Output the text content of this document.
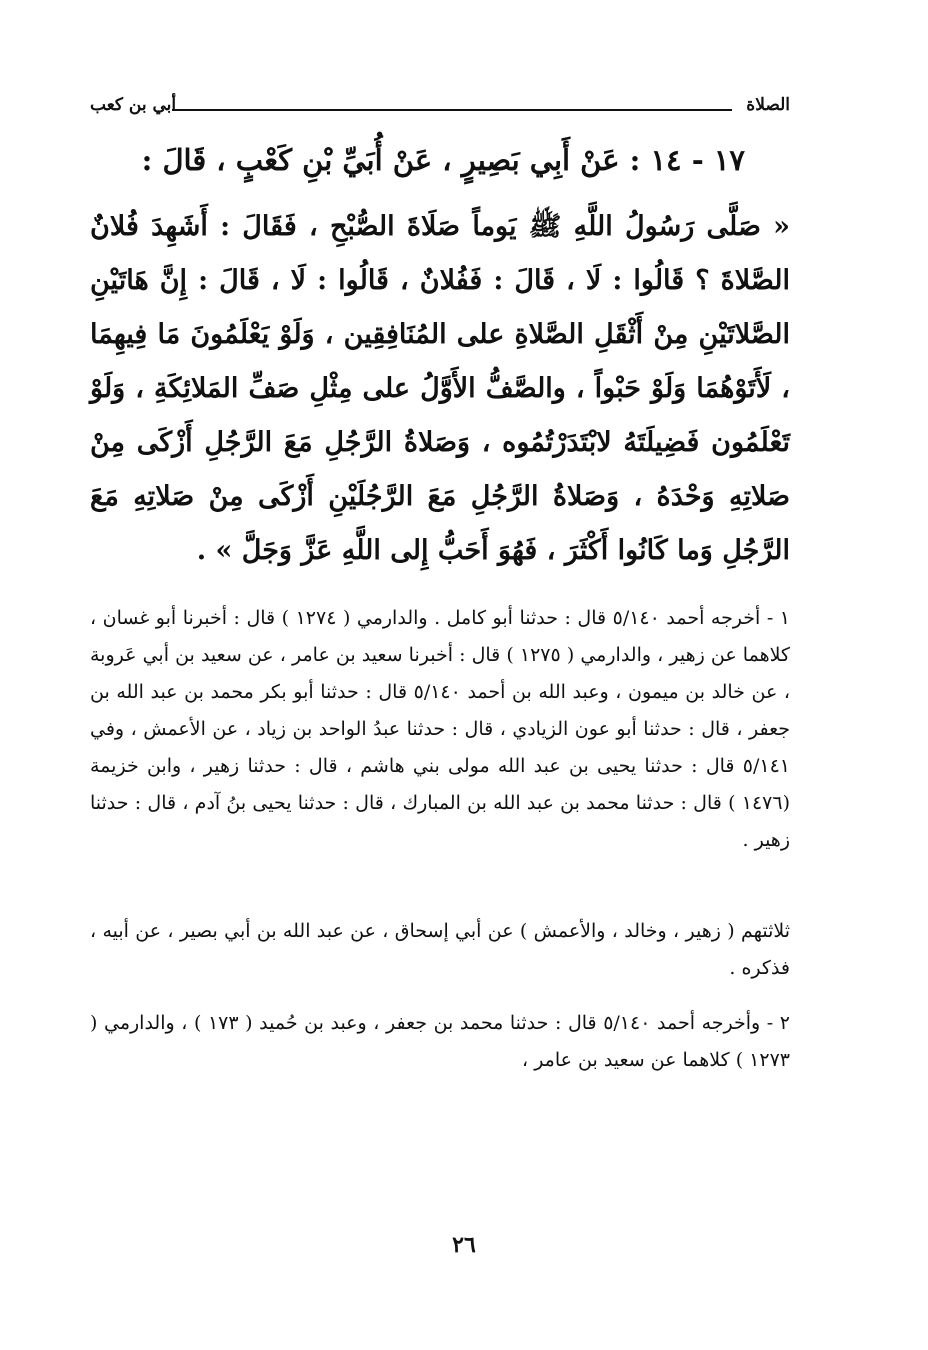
الصلاة
أبي بن كعب
١٧ - ١٤ : عَنْ أَبِي بَصِيرٍ ، عَنْ أُبَيِّ بْنِ كَعْبٍ ، قَالَ :
« صَلَّى رَسُولُ اللَّهِ ﷺ يَوماً صَلَاةَ الصُّبْحِ ، فَقَالَ : أَشَهِدَ فُلانٌ الصَّلاةَ ؟ قَالُوا : لَا ، قَالَ : فَفُلانٌ ، قَالُوا : لَا ، قَالَ : إِنَّ هَاتَيْنِ الصَّلاتَيْنِ مِنْ أَثْقَلِ الصَّلاةِ على المُنَافِقِين ، وَلَوْ يَعْلَمُونَ مَا فِيهِمَا ، لَأَتَوْهُمَا وَلَوْ حَبْواً ، والصَّفُّ الأَوَّلُ على مِثْلِ صَفِّ المَلائِكَةِ ، وَلَوْ تَعْلَمُون فَضِيلَتَهُ لابْتَدَرْتُمُوه ، وَصَلاةُ الرَّجُلِ مَعَ الرَّجُلِ أَزْكَى مِنْ صَلاتِهِ وَحْدَهُ ، وَصَلاةُ الرَّجُلِ مَعَ الرَّجُلَيْنِ أَزْكَى مِنْ صَلاتِهِ مَعَ الرَّجُلِ وَما كَانُوا أَكْثَرَ ، فَهُوَ أَحَبُّ إِلى اللَّهِ عَزَّ وَجَلَّ » .

١ - أخرجه أحمد ٥/١٤٠ قال : حدثنا أبو كامل . والدارمي ( ١٢٧٤ ) قال : أخبرنا أبو غسان ، كلاهما عن زهير ، والدارمي ( ١٢٧٥ ) قال : أخبرنا سعيد بن عامر ، عن سعيد بن أبي عَروبة ، عن خالد بن ميمون ، وعبد الله بن أحمد ٥/١٤٠ قال : حدثنا أبو بكر محمد بن عبد الله بن جعفر ، قال : حدثنا أبو عون الزيادي ، قال : حدثنا عبدُ الواحد بن زياد ، عن الأعمش ، وفي ٥/١٤١ قال : حدثنا يحيى بن عبد الله مولى بني هاشم ، قال : حدثنا زهير ، وابن خزيمة (١٤٧٦ ) قال : حدثنا محمد بن عبد الله بن المبارك ، قال : حدثنا يحيى بنُ آدم ، قال : حدثنا زهير .

ثلاثتهم ( زهير ، وخالد ، والأعمش ) عن أبي إسحاق ، عن عبد الله بن أبي بصير ، عن أبيه ، فذكره .

٢ - وأخرجه أحمد ٥/١٤٠ قال : حدثنا محمد بن جعفر ، وعبد بن حُميد ( ١٧٣ ) ، والدارمي ( ١٢٧٣ ) كلاهما عن سعيد بن عامر ،

٢٦
